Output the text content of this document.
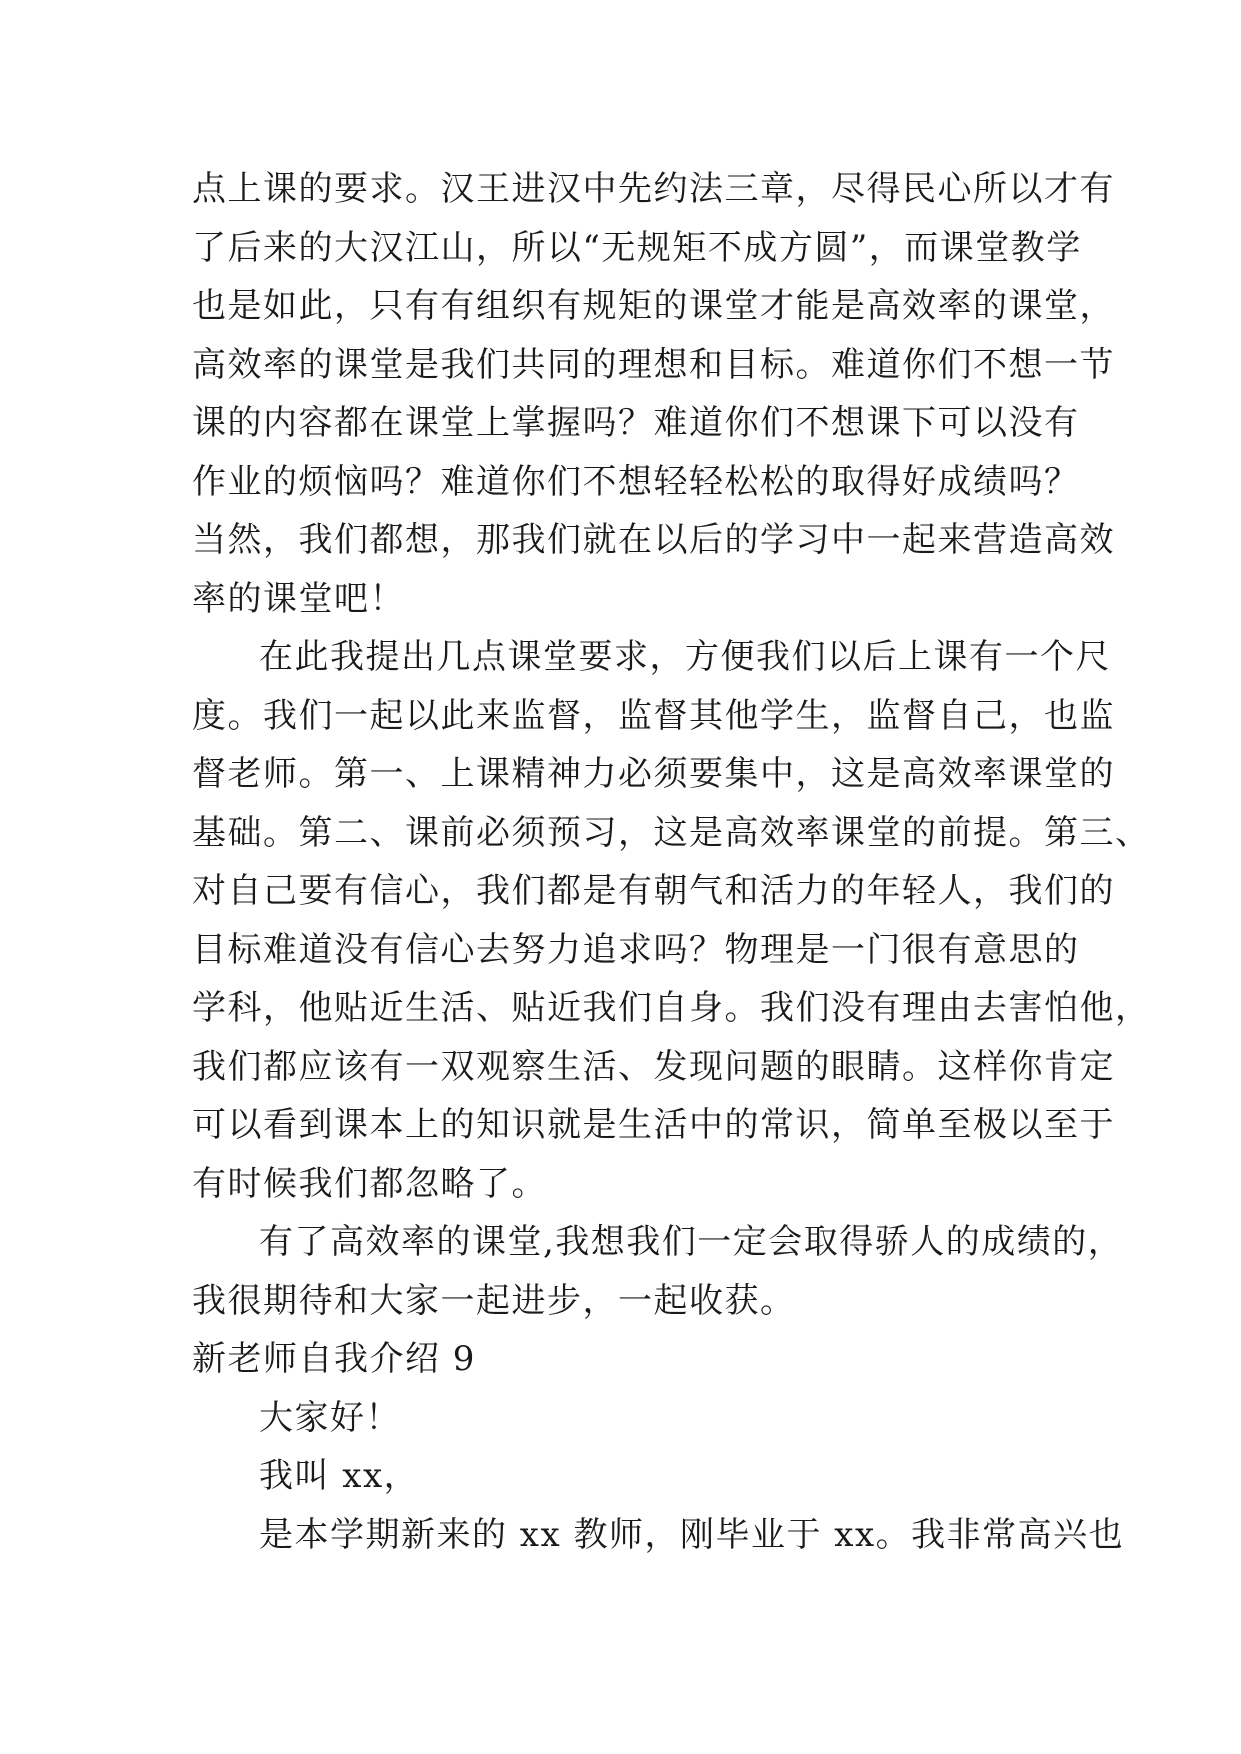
点上课的要求。汉王进汉中先约法三章，尽得民心所以才有
了后来的大汉江山，所以“无规矩不成方圆”，而课堂教学
也是如此，只有有组织有规矩的课堂才能是高效率的课堂，
高效率的课堂是我们共同的理想和目标。难道你们不想一节
课的内容都在课堂上掌握吗？难道你们不想课下可以没有
作业的烦恼吗？难道你们不想轻轻松松的取得好成绩吗？
当然，我们都想，那我们就在以后的学习中一起来营造高效
率的课堂吧！
在此我提出几点课堂要求，方便我们以后上课有一个尺
度。我们一起以此来监督，监督其他学生，监督自己，也监
督老师。第一、上课精神力必须要集中，这是高效率课堂的
基础。第二、课前必须预习，这是高效率课堂的前提。第三、
对自己要有信心，我们都是有朝气和活力的年轻人，我们的
目标难道没有信心去努力追求吗？物理是一门很有意思的
学科，他贴近生活、贴近我们自身。我们没有理由去害怕他，
我们都应该有一双观察生活、发现问题的眼睛。这样你肯定
可以看到课本上的知识就是生活中的常识，简单至极以至于
有时候我们都忽略了。
有了高效率的课堂,我想我们一定会取得骄人的成绩的，
我很期待和大家一起进步，一起收获。
新老师自我介绍 9
大家好！
我叫 xx，
是本学期新来的 xx 教师，刚毕业于 xx。我非常高兴也
